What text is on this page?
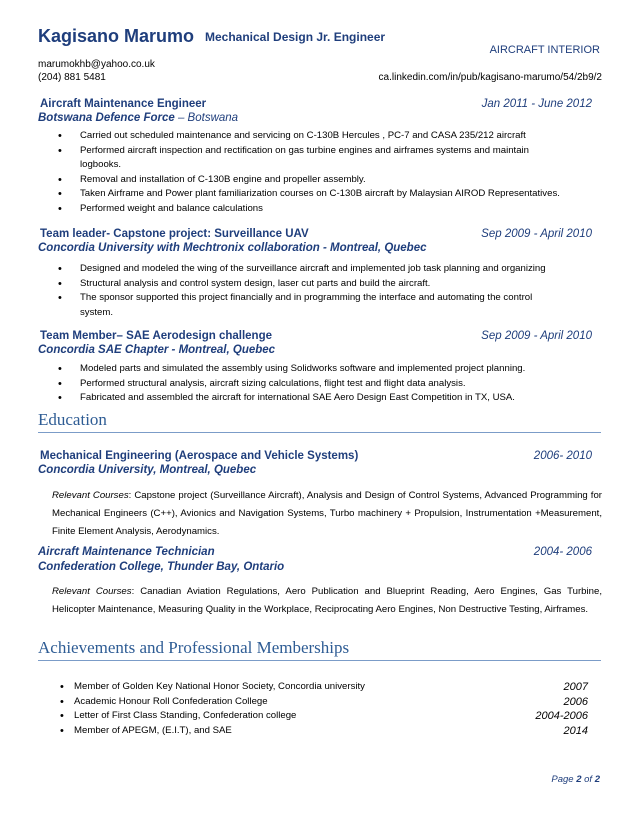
Kagisano Marumo Mechanical Design Jr. Engineer
AIRCRAFT INTERIOR
marumokhb@yahoo.co.uk
(204) 881 5481	ca.linkedin.com/in/pub/kagisano-marumo/54/2b9/2
Aircraft Maintenance Engineer	Jan 2011 - June 2012
Botswana Defence Force – Botswana
• Carried out scheduled maintenance and servicing on C-130B Hercules , PC-7 and CASA 235/212 aircraft
• Performed aircraft inspection and rectification on gas turbine engines and airframes systems and maintain
logbooks.
• Removal and installation of C-130B engine and propeller assembly.
• Taken Airframe and Power plant familiarization courses on C-130B aircraft by Malaysian AIROD Representatives.
• Performed weight and balance calculations
Team leader- Capstone project: Surveillance UAV	Sep 2009 - April 2010
Concordia University with Mechtronix collaboration - Montreal, Quebec
• Designed and modeled the wing of the surveillance aircraft and implemented job task planning and organizing
• Structural analysis and control system design, laser cut parts and build the aircraft.
• The sponsor supported this project financially and in programming the interface and automating the control
system.
Team Member– SAE Aerodesign challenge	Sep 2009 - April 2010
Concordia SAE Chapter - Montreal, Quebec
• Modeled parts and simulated the assembly using Solidworks software and implemented project planning.
• Performed structural analysis, aircraft sizing calculations, flight test and flight data analysis.
• Fabricated and assembled the aircraft for international SAE Aero Design East Competition in TX, USA.
Education
Mechanical Engineering (Aerospace and Vehicle Systems)	2006- 2010
Concordia University, Montreal, Quebec
Relevant Courses: Capstone project (Surveillance Aircraft), Analysis and Design of Control Systems, Advanced Programming for Mechanical Engineers (C++), Avionics and Navigation Systems, Turbo machinery + Propulsion, Instrumentation +Measurement, Finite Element Analysis, Aerodynamics.
Aircraft Maintenance Technician	2004- 2006
Confederation College, Thunder Bay, Ontario
Relevant Courses: Canadian Aviation Regulations, Aero Publication and Blueprint Reading, Aero Engines, Gas Turbine, Helicopter Maintenance, Measuring Quality in the Workplace, Reciprocating Aero Engines, Non Destructive Testing, Airframes.
Achievements and Professional Memberships
• Member of Golden Key National Honor Society, Concordia university	2007
• Academic Honour Roll Confederation College	2006
• Letter of First Class Standing, Confederation college	2004-2006
• Member of APEGM, (E.I.T), and SAE	2014
Page 2 of 2
